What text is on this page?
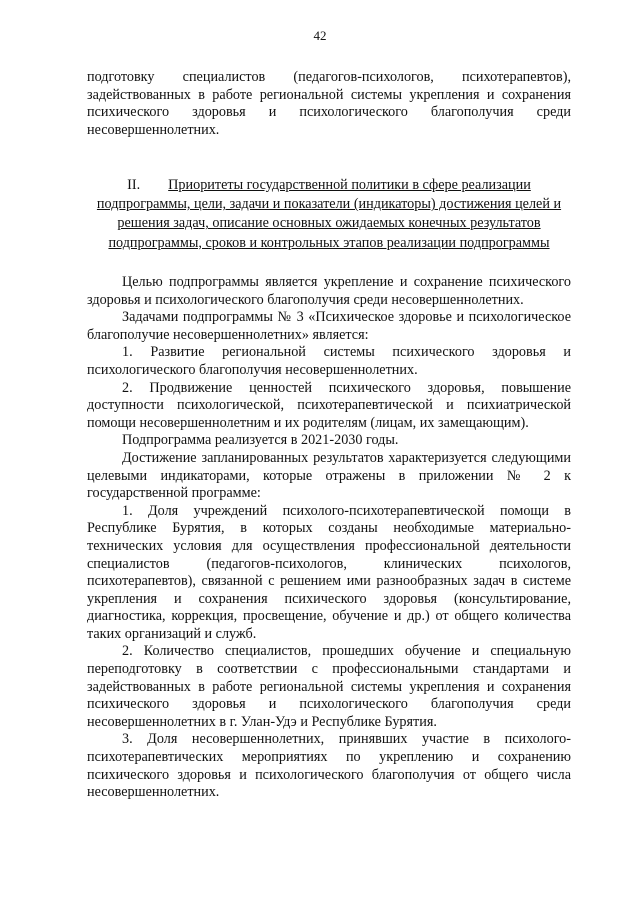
42

подготовку специалистов (педагогов-психологов, психотерапевтов), задействованных в работе региональной системы укрепления и сохранения психического здоровья и психологического благополучия среди несовершеннолетних.

II. Приоритеты государственной политики в сфере реализации подпрограммы, цели, задачи и показатели (индикаторы) достижения целей и решения задач, описание основных ожидаемых конечных результатов подпрограммы, сроков и контрольных этапов реализации подпрограммы

Целью подпрограммы является укрепление и сохранение психического здоровья и психологического благополучия среди несовершеннолетних.

Задачами подпрограммы № 3 «Психическое здоровье и психологическое благополучие несовершеннолетних» является:

1. Развитие региональной системы психического здоровья и психологического благополучия несовершеннолетних.

2. Продвижение ценностей психического здоровья, повышение доступности психологической, психотерапевтической и психиатрической помощи несовершеннолетним и их родителям (лицам, их замещающим).

Подпрограмма реализуется в 2021-2030 годы.

Достижение запланированных результатов характеризуется следующими целевыми индикаторами, которые отражены в приложении № 2 к государственной программе:

1. Доля учреждений психолого-психотерапевтической помощи в Республике Бурятия, в которых созданы необходимые материально-технических условия для осуществления профессиональной деятельности специалистов (педагогов-психологов, клинических психологов, психотерапевтов), связанной с решением ими разнообразных задач в системе укрепления и сохранения психического здоровья (консультирование, диагностика, коррекция, просвещение, обучение и др.) от общего количества таких организаций и служб.

2. Количество специалистов, прошедших обучение и специальную переподготовку в соответствии с профессиональными стандартами и задействованных в работе региональной системы укрепления и сохранения психического здоровья и психологического благополучия среди несовершеннолетних в г. Улан-Удэ и Республике Бурятия.

3. Доля несовершеннолетних, принявших участие в психолого-психотерапевтических мероприятиях по укреплению и сохранению психического здоровья и психологического благополучия от общего числа несовершеннолетних.
